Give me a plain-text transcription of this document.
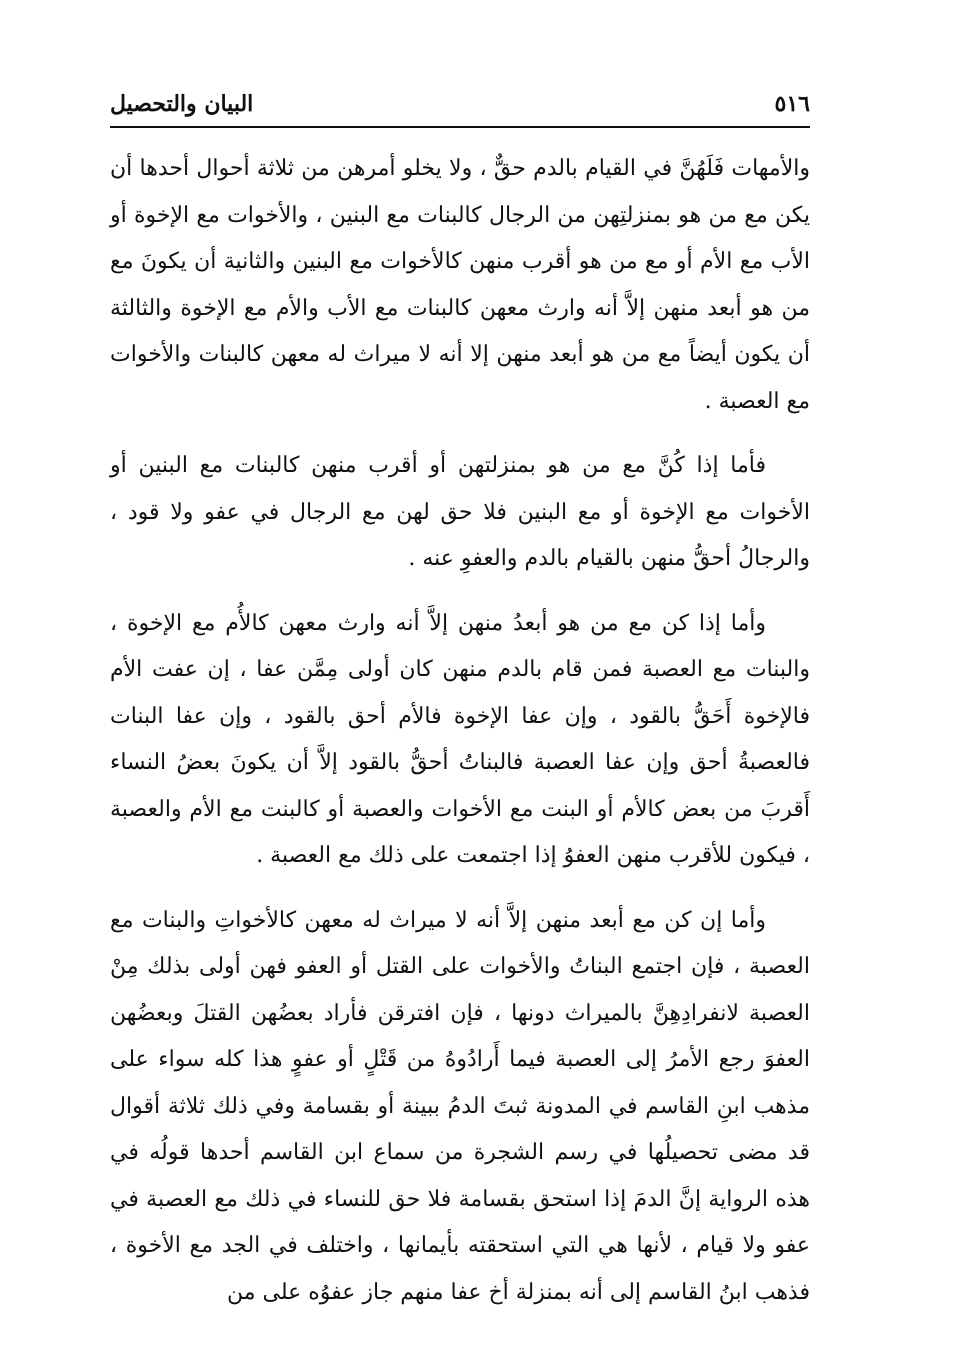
٥١٦
البيان والتحصيل

والأمهات فَلَهُنَّ في القيام بالدم حقٌّ ، ولا يخلو أمرهن من ثلاثة أحوال أحدها أن يكن مع من هو بمنزلتِهن من الرجال كالبنات مع البنين ، والأخوات مع الإخوة أو الأب مع الأم أو مع من هو أقرب منهن كالأخوات مع البنين والثانية أن يكونَ مع من هو أبعد منهن إلاَّ أنه وارث معهن كالبنات مع الأب والأم مع الإخوة والثالثة أن يكون أيضاً مع من هو أبعد منهن إلا أنه لا ميراث له معهن كالبنات والأخوات مع العصبة .

فأما إذا كُنَّ مع من هو بمنزلتهن أو أقرب منهن كالبنات مع البنين أو الأخوات مع الإخوة أو مع البنين فلا حق لهن مع الرجال في عفو ولا قود ، والرجالُ أحقُّ منهن بالقيام بالدم والعفوِ عنه .

وأما إذا كن مع من هو أبعدُ منهن إلاَّ أنه وارث معهن كالأُم مع الإخوة ، والبنات مع العصبة فمن قام بالدم منهن كان أولى مِمَّن عفا ، إن عفت الأم فالإخوة أَحَقُّ بالقود ، وإن عفا الإخوة فالأم أحق بالقود ، وإن عفا البنات فالعصبةُ أحق وإن عفا العصبة فالبناتُ أحقُّ بالقود إلاَّ أن يكونَ بعضُ النساء أَقربَ من بعض كالأم أو البنت مع الأخوات والعصبة أو كالبنت مع الأم والعصبة ، فيكون للأقرب منهن العفوُ إذا اجتمعت على ذلك مع العصبة .

وأما إن كن مع أبعد منهن إلاَّ أنه لا ميراث له معهن كالأخواتِ والبنات مع العصبة ، فإن اجتمع البناتُ والأخوات على القتل أو العفو فهن أولى بذلك مِنْ العصبة لانفرادِهِنَّ بالميراث دونها ، فإن افترقن فأراد بعضُهن القتلَ وبعضُهن العفوَ رجع الأمرُ إلى العصبة فيما أَرادُوهُ من قَتْلٍ أو عفوٍ هذا كله سواء على مذهب ابنِ القاسم في المدونة ثبتَ الدمُ ببينة أو بقسامة وفي ذلك ثلاثة أقوال قد مضى تحصيلُها في رسم الشجرة من سماع ابن القاسم أحدها قولُه في هذه الرواية إنَّ الدمَ إذا استحق بقسامة فلا حق للنساء في ذلك مع العصبة في عفو ولا قيام ، لأنها هي التي استحقته بأيمانها ، واختلف في الجد مع الأخوة ، فذهب ابنُ القاسم إلى أنه بمنزلة أخ عفا منهم جاز عفوُه على من
